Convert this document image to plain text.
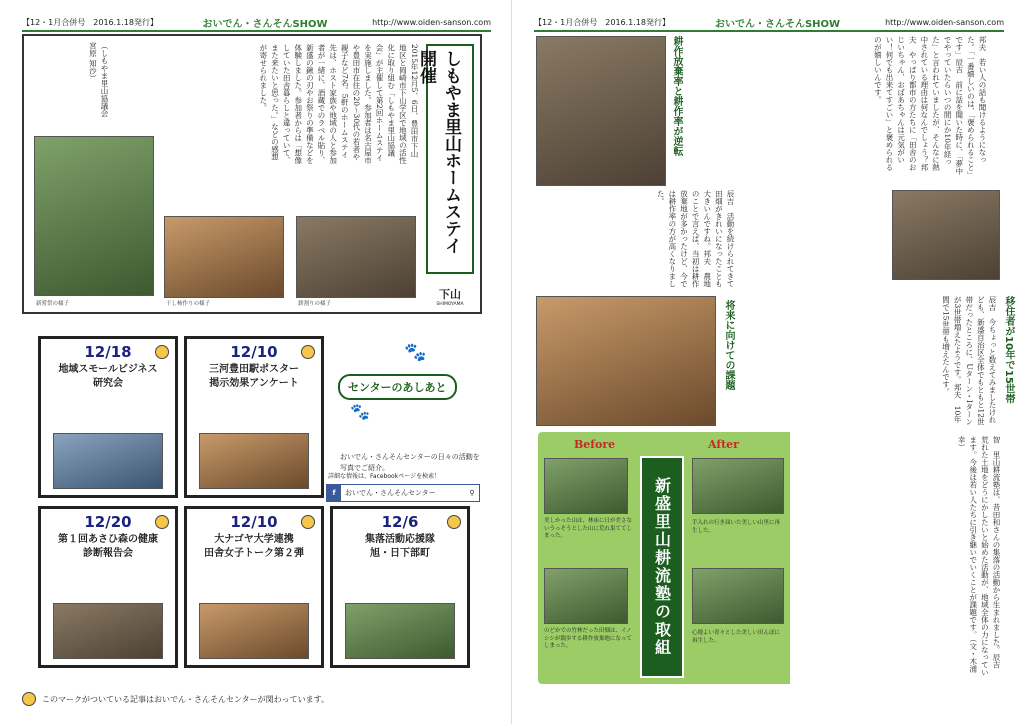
【12・1月合併号　2016.1.18発行】	おいでん・さんそんSHOW	http://www.oiden-sanson.com
2015年12月5、6日、豊田市下山地区と岡崎市下山学区で地域の活性化に取り組む「しもやま里山協議会」が主催して第2回ホームステイを実施しました。参加者は名古屋市や豊田市在住の20〜30代の若者や親子など7名。5軒のホームステイ先は、ホスト家族や地域の人と参加者が一緒に、酒蔵でのラベル貼り、新盛の鍬の刃やお祭りの準備などを体験しました。参加者からは「想像していた田舎暮らしと違っていて、また来たいと思った。」などの感想が寄せられました。	しもやま里山ホームステイ開催
下山
SHIMOYAMA
（しもやま里山協議会 宮原 知沙）
新嘗祭の様子	干し柿作りの様子	薪割りの様子
12/18
地域スモールビジネス
研究会
12/10
三河豊田駅ポスター
掲示効果アンケート
12/20
第１回あさひ森の健康
診断報告会
12/10
大ナゴヤ大学連携
田舎女子トーク第２弾
12/6
集落活動応援隊
旭・日下部町
🐾
センターのあしあと
🐾
おいでん・さんそんセンターの日々の活動を写真でご紹介。
詳細な情報は、Facebookページを検索！
f	おいでん・さんそんセンター	⚲
このマークがついている記事はおいでん・さんそんセンターが関わっています。
【12・1月合併号　2016.1.18発行】	おいでん・さんそんSHOW	http://www.oiden-sanson.com
耕作放棄率と耕作率が逆転	邦夫　若い人の話も聞けるようになった。「一番嬉しいのは、「褒められること」です」辰吉　前に話を聞いた時に、「夢中でやっていたらいつの間にか10年経った」と言われていましたが、そんなに熱中されている理由は何なんでしょう？邦夫　やっぱり都市の方たちに「田舎のおじいちゃん、おばあちゃんは元気がいい！何でも出来てすごい」と褒められるのが嬉しいんです。
辰吉　活動を続けられてきて田畑がきれいになったことも大きいんですね。邦夫　農地のことで言えば、当初は耕作放棄地が多かったけど、今では耕作率の方が高くなりました。
移住者が10年で15世帯
将来に向けての課題	辰吉　今ちょっと数えてみましたけれども、新盛自治区全体でもともと12世帯だったところに、Uターン・Iターンが3世帯増えたようです。邦夫　10年間で15世帯も増えたんです。
智　里山耕流塾は、昔田和さんの集落の活動から生まれました。辰吉　荒れた土地をどうにかしたいと始めた活動が、地域全体の力になっています。今後は若い人たちに引き継いでいくことが課題です。（文・木浦幸）
Before
美しかった山は、林床に日が差さないうっそうとした山に荒れ果ててしまった。
のどかでの竹林だった田畑は、イノシシが闊歩する耕作放棄地になってしまった。	新盛里山耕流塾の取組
After
手入れの行き届いた美しい山里に再生した。
心地よい青々とした美しい田んぼに再生した。
